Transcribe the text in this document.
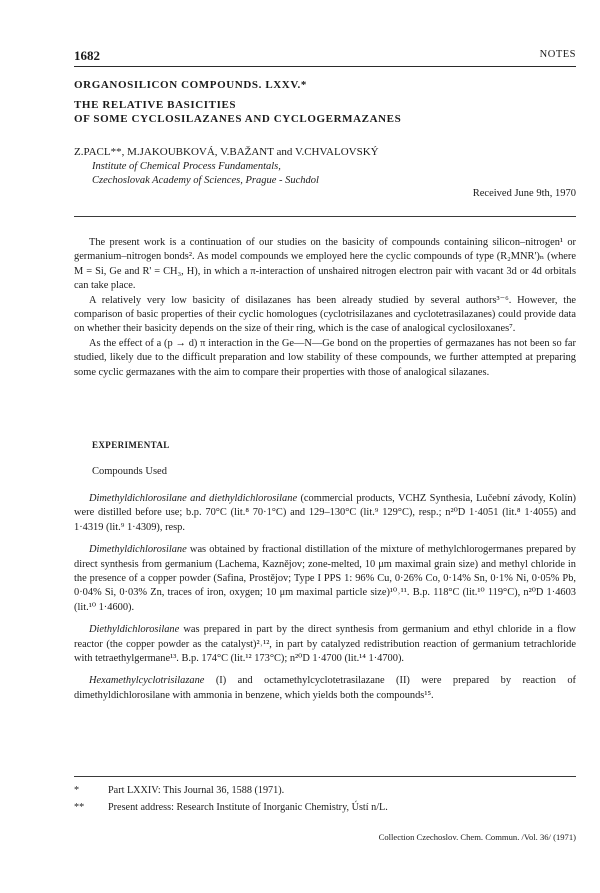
1682	NOTES
ORGANOSILICON COMPOUNDS. LXXV.*
THE RELATIVE BASICITIES
OF SOME CYCLOSILAZANES AND CYCLOGERMAZANES
Z.PACL**, M.JAKOUBKOVÁ, V.BAŽANT and V.CHVALOVSKÝ
Institute of Chemical Process Fundamentals,
Czechoslovak Academy of Sciences, Prague - Suchdol
Received June 9th, 1970

The present work is a continuation of our studies on the basicity of compounds containing silicon–nitrogen¹ or germanium–nitrogen bonds². As model compounds we employed here the cyclic compounds of type (R₂MNR')ₙ (where M = Si, Ge and R' = CH₃, H), in which a π-interaction of unshaired nitrogen electron pair with vacant 3d or 4d orbitals can take place.

A relatively very low basicity of disilazanes has been already studied by several authors³⁻⁶. However, the comparison of basic properties of their cyclic homologues (cyclotrisilazanes and cyclotetrasilazanes) could provide data on whether their basicity depends on the size of their ring, which is the case of analogical cyclosiloxanes⁷.

As the effect of a (p → d) π interaction in the Ge—N—Ge bond on the properties of germazanes has not been so far studied, likely due to the difficult preparation and low stability of these compounds, we further attempted at preparing some cyclic germazanes with the aim to compare their properties with those of analogical silazanes.

EXPERIMENTAL
Compounds Used

Dimethyldichlorosilane and diethyldichlorosilane (commercial products, VCHZ Synthesia, Lučební závody, Kolín) were distilled before use; b.p. 70°C (lit.⁸ 70·1°C) and 129–130°C (lit.⁹ 129°C), resp.; n²⁰D 1·4051 (lit.⁸ 1·4055) and 1·4319 (lit.⁹ 1·4309), resp.

Dimethyldichlorosilane was obtained by fractional distillation of the mixture of methylchlorogermanes prepared by direct synthesis from germanium (Lachema, Kaznějov; zone-melted, 10 μm maximal grain size) and methyl chloride in the presence of a copper powder (Safina, Prostějov; Type I PPS 1: 96% Cu, 0·26% Co, 0·14% Sn, 0·1% Ni, 0·05% Pb, 0·04% Si, 0·03% Zn, traces of iron, oxygen; 10 μm maximal particle size)¹⁰˒¹¹. B.p. 118°C (lit.¹⁰ 119°C), n²⁰D 1·4603 (lit.¹⁰ 1·4600).

Diethyldichlorosilane was prepared in part by the direct synthesis from germanium and ethyl chloride in a flow reactor (the copper powder as the catalyst)²˒¹², in part by catalyzed redistribution reaction of germanium tetrachloride with tetraethylgermane¹³. B.p. 174°C (lit.¹² 173°C); n²⁰D 1·4700 (lit.¹⁴ 1·4700).

Hexamethylcyclotrisilazane (I) and octamethylcyclotetrasilazane (II) were prepared by reaction of dimethyldichlorosilane with ammonia in benzene, which yields both the compounds¹⁵.

*	Part LXXIV: This Journal 36, 1588 (1971).
** Present address: Research Institute of Inorganic Chemistry, Ústí n/L.
Collection Czechoslov. Chem. Commun. /Vol. 36/ (1971)
